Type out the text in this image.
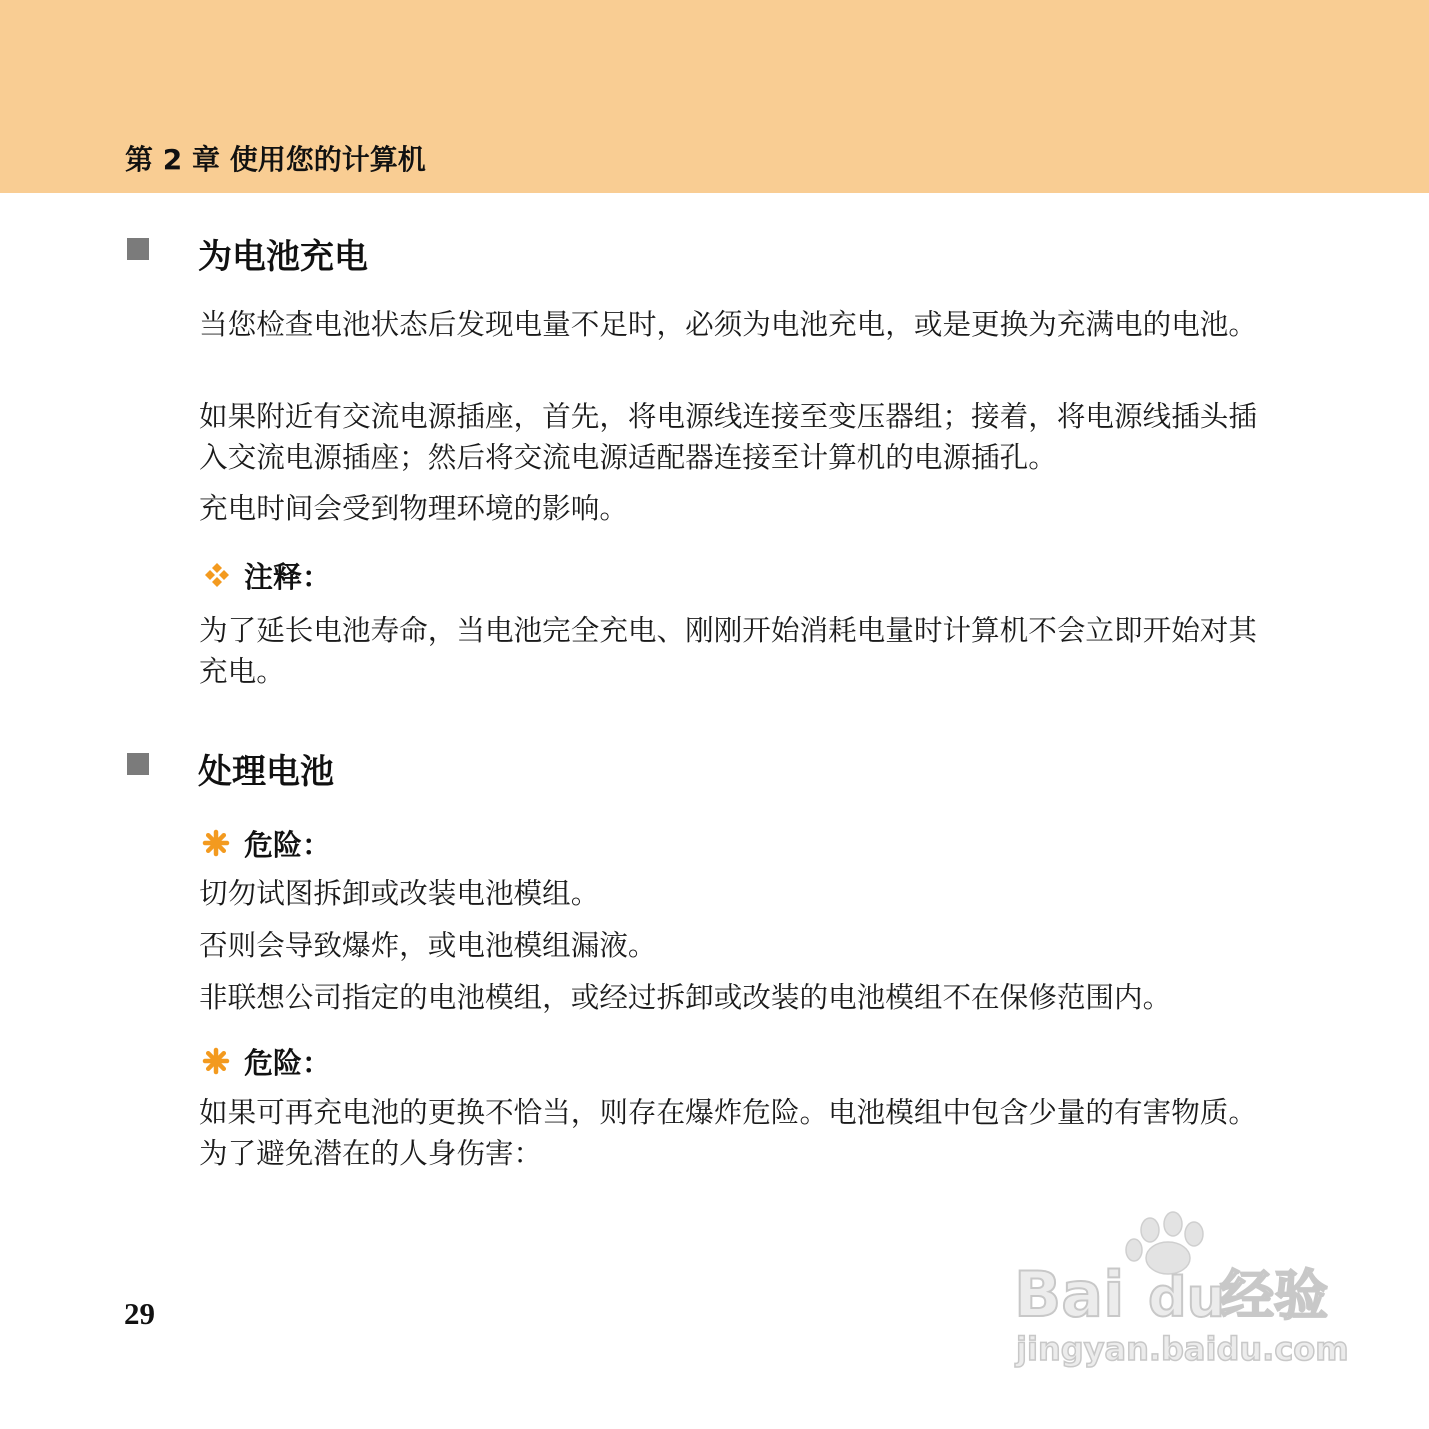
第 2 章 使用您的计算机
为电池充电
当您检查电池状态后发现电量不足时，必须为电池充电，或是更换为充满电的电池。
如果附近有交流电源插座，首先，将电源线连接至变压器组；接着，将电源线插头插入交流电源插座；然后将交流电源适配器连接至计算机的电源插孔。
充电时间会受到物理环境的影响。
注释：
为了延长电池寿命，当电池完全充电、刚刚开始消耗电量时计算机不会立即开始对其充电。
处理电池
危险：
切勿试图拆卸或改装电池模组。
否则会导致爆炸，或电池模组漏液。
非联想公司指定的电池模组，或经过拆卸或改装的电池模组不在保修范围内。
危险：
如果可再充电池的更换不恰当，则存在爆炸危险。电池模组中包含少量的有害物质。为了避免潜在的人身伤害：
29	Bai du
经验
jingyan.baidu.com
